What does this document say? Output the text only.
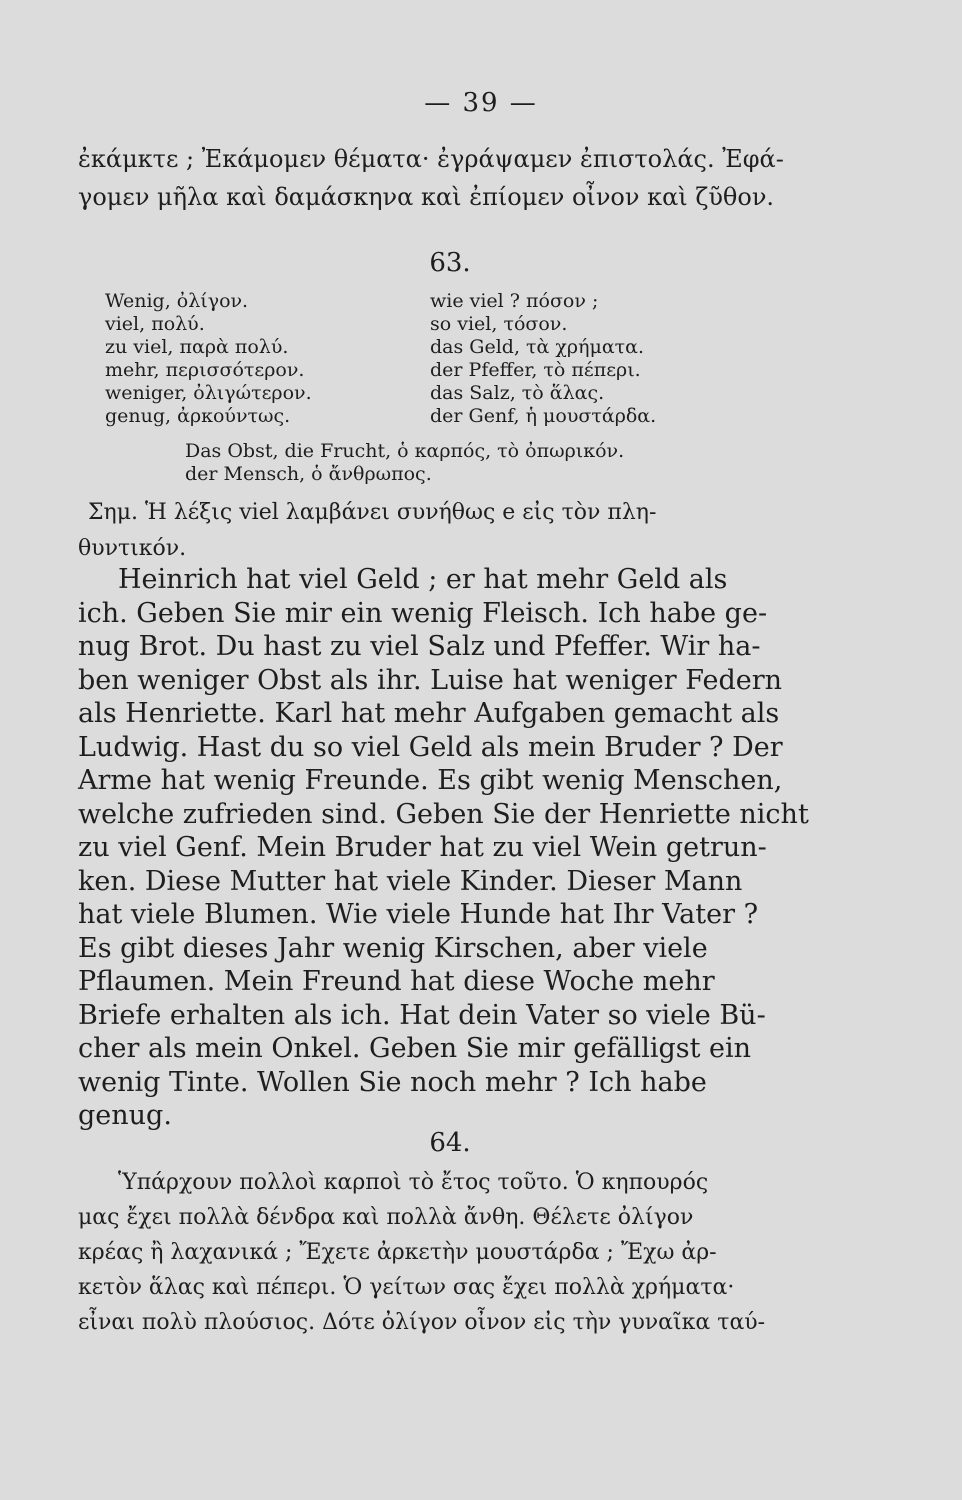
— 39 —
ἐκάμκτε ; Ἐκάμομεν θέματα· ἐγράψαμεν ἐπιστολάς. Ἐφά-
γομεν μῆλα καὶ δαμάσκηνα καὶ ἐπίομεν οἶνον καὶ ζῦθον.
63.
Wenig, ὀλίγον.
viel, πολύ.
zu viel, παρὰ πολύ.
mehr, περισσότερον.
weniger, ὀλιγώτερον.
genug, ἀρκούντως.
wie viel ? πόσον ;
so viel, τόσον.
das Geld, τὰ χρήματα.
der Pfeffer, τὸ πέπερι.
das Salz, τὸ ἅλας.
der Genf, ἡ μουστάρδα.
Das Obst, die Frucht, ὁ καρπός, τὸ ὀπωρικόν.
der Mensch, ὁ ἄνθρωπος.
Σημ. Ἡ λέξις viel λαμβάνει συνήθως e εἰς τὸν πλη-
θυντικόν.
Heinrich hat viel Geld ; er hat mehr Geld als
ich. Geben Sie mir ein wenig Fleisch. Ich habe ge-
nug Brot. Du hast zu viel Salz und Pfeffer. Wir ha-
ben weniger Obst als ihr. Luise hat weniger Federn
als Henriette. Karl hat mehr Aufgaben gemacht als
Ludwig. Hast du so viel Geld als mein Bruder ? Der
Arme hat wenig Freunde. Es gibt wenig Menschen,
welche zufrieden sind. Geben Sie der Henriette nicht
zu viel Genf. Mein Bruder hat zu viel Wein getrun-
ken. Diese Mutter hat viele Kinder. Dieser Mann
hat viele Blumen. Wie viele Hunde hat Ihr Vater ?
Es gibt dieses Jahr wenig Kirschen, aber viele
Pflaumen. Mein Freund hat diese Woche mehr
Briefe erhalten als ich. Hat dein Vater so viele Bü-
cher als mein Onkel. Geben Sie mir gefälligst ein
wenig Tinte. Wollen Sie noch mehr ? Ich habe
genug.
64.
Ὑπάρχουν πολλοὶ καρποὶ τὸ ἔτος τοῦτο. Ὁ κηπουρός
μας ἔχει πολλὰ δένδρα καὶ πολλὰ ἄνθη. Θέλετε ὀλίγον
κρέας ἢ λαχανικά ; Ἔχετε ἀρκετὴν μουστάρδα ; Ἔχω ἀρ-
κετὸν ἅλας καὶ πέπερι. Ὁ γείτων σας ἔχει πολλὰ χρήματα·
εἶναι πολὺ πλούσιος. Δότε ὀλίγον οἶνον εἰς τὴν γυναῖκα ταύ-
